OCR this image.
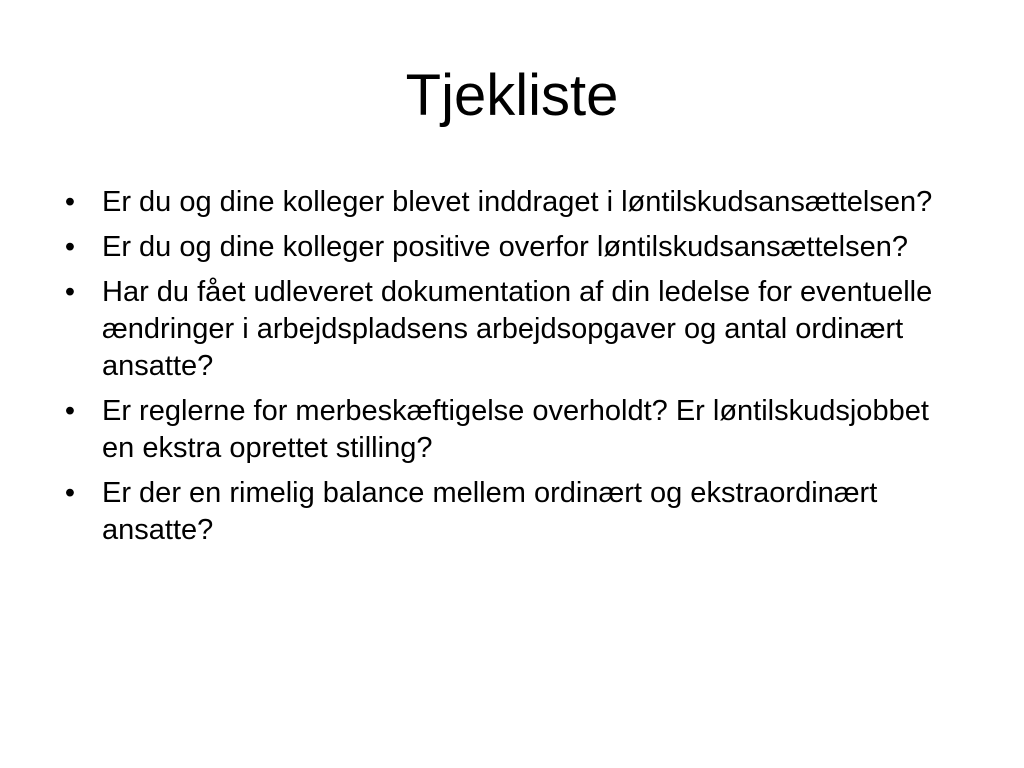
Tjekliste
• Er du og dine kolleger blevet inddraget i løntilskudsansættelsen?
• Er du og dine kolleger positive overfor løntilskudsansættelsen?
• Har du fået udleveret dokumentation af din ledelse for eventuelle ændringer i arbejdspladsens arbejdsopgaver og antal ordinært ansatte?
• Er reglerne for merbeskæftigelse overholdt? Er løntilskudsjobbet en ekstra oprettet stilling?
• Er der en rimelig balance mellem ordinært og ekstraordinært ansatte?
